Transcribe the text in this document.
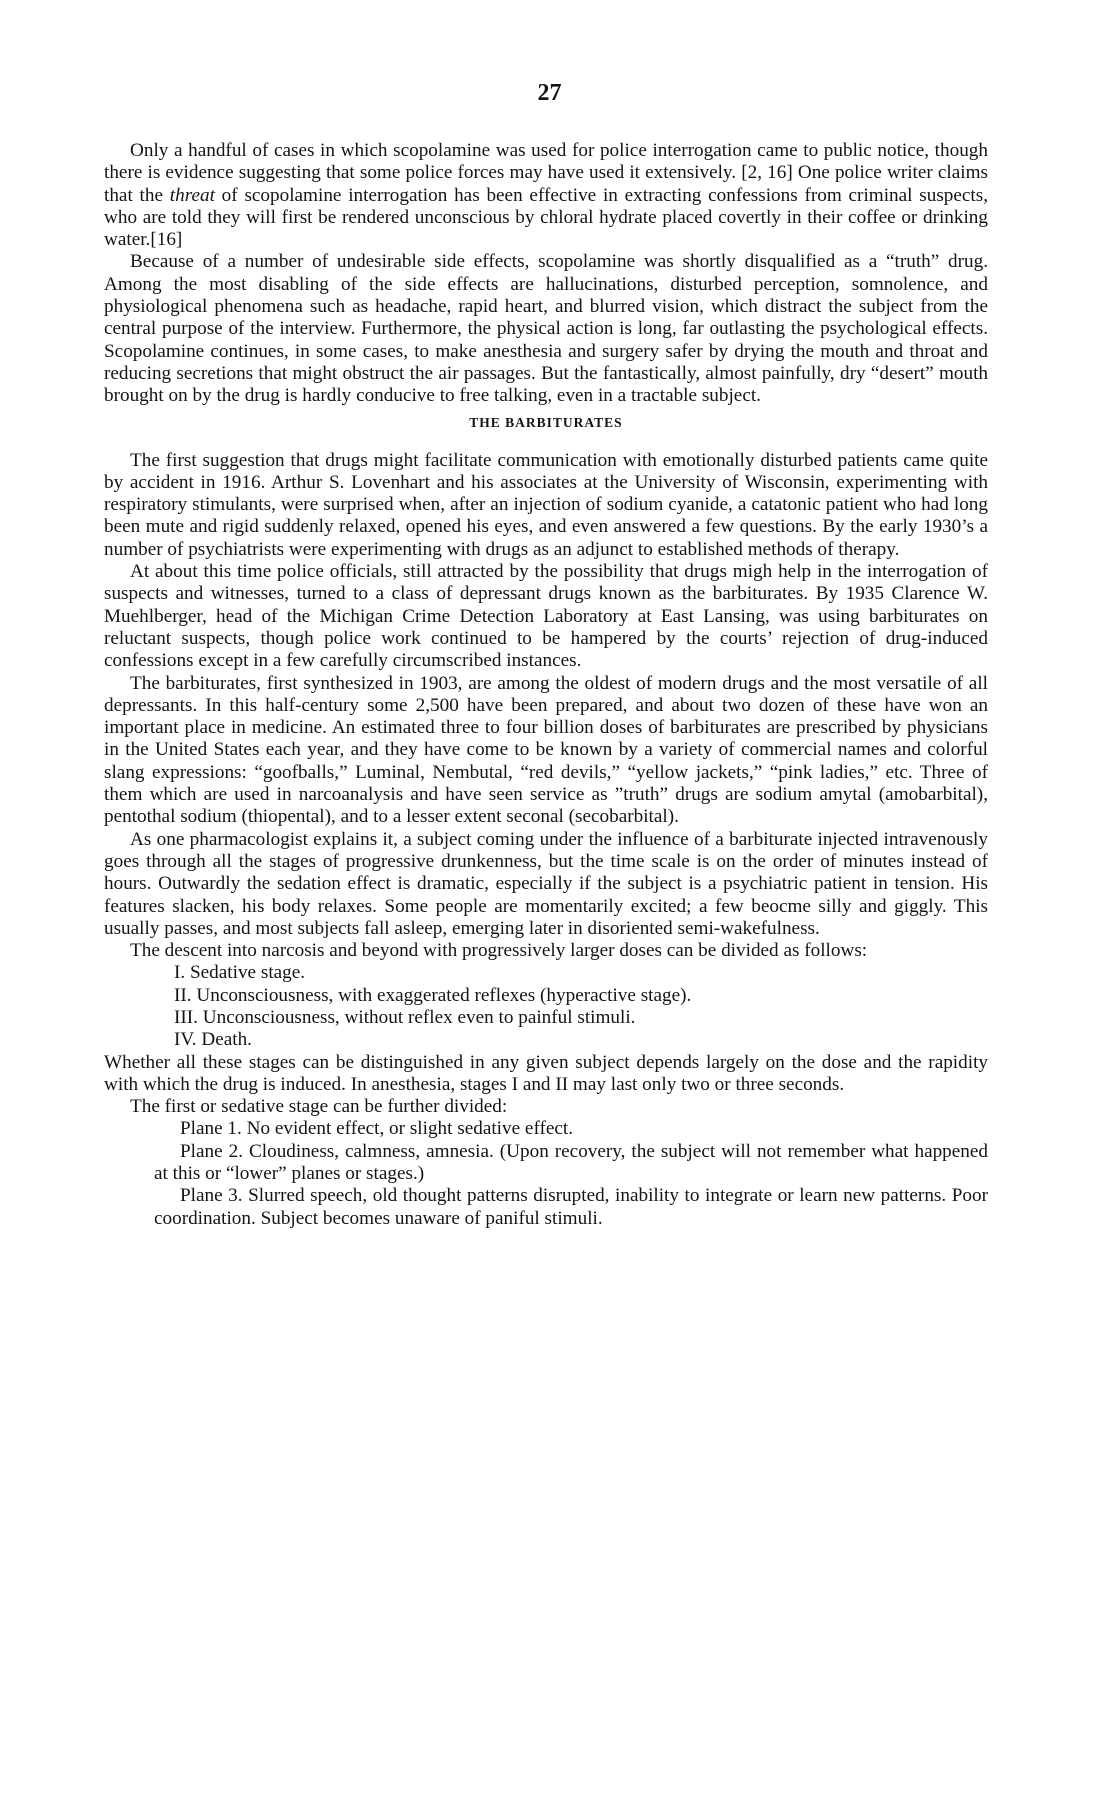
27

Only a handful of cases in which scopolamine was used for police interrogation came to public notice, though there is evidence suggesting that some police forces may have used it extensively. [2, 16] One police writer claims that the threat of scopolamine interrogation has been effective in extracting confessions from criminal suspects, who are told they will first be rendered unconscious by chloral hydrate placed covertly in their coffee or drinking water.[16]

Because of a number of undesirable side effects, scopolamine was shortly disqualified as a “truth” drug. Among the most disabling of the side effects are hallucinations, disturbed perception, somnolence, and physiological phenomena such as headache, rapid heart, and blurred vision, which distract the subject from the central purpose of the interview. Furthermore, the physical action is long, far outlasting the psychological effects. Scopolamine continues, in some cases, to make anesthesia and surgery safer by drying the mouth and throat and reducing secretions that might obstruct the air passages. But the fantastically, almost painfully, dry “desert” mouth brought on by the drug is hardly conducive to free talking, even in a tractable subject.

THE BARBITURATES

The first suggestion that drugs might facilitate communication with emotionally disturbed patients came quite by accident in 1916. Arthur S. Lovenhart and his associates at the University of Wisconsin, experimenting with respiratory stimulants, were surprised when, after an injection of sodium cyanide, a catatonic patient who had long been mute and rigid suddenly relaxed, opened his eyes, and even answered a few questions. By the early 1930’s a number of psychiatrists were experimenting with drugs as an adjunct to established methods of therapy.

At about this time police officials, still attracted by the possibility that drugs migh help in the interrogation of suspects and witnesses, turned to a class of depressant drugs known as the barbiturates. By 1935 Clarence W. Muehlberger, head of the Michigan Crime Detection Laboratory at East Lansing, was using barbiturates on reluctant suspects, though police work continued to be hampered by the courts’ rejection of drug-induced confessions except in a few carefully circumscribed instances.

The barbiturates, first synthesized in 1903, are among the oldest of modern drugs and the most versatile of all depressants. In this half-century some 2,500 have been prepared, and about two dozen of these have won an important place in medicine. An estimated three to four billion doses of barbiturates are prescribed by physicians in the United States each year, and they have come to be known by a variety of commercial names and colorful slang expressions: “goofballs,” Luminal, Nembutal, “red devils,” “yellow jackets,” “pink ladies,” etc. Three of them which are used in narcoanalysis and have seen service as ”truth” drugs are sodium amytal (amobarbital), pentothal sodium (thiopental), and to a lesser extent seconal (secobarbital).

As one pharmacologist explains it, a subject coming under the influence of a barbiturate injected intravenously goes through all the stages of progressive drunkenness, but the time scale is on the order of minutes instead of hours. Outwardly the sedation effect is dramatic, especially if the subject is a psychiatric patient in tension. His features slacken, his body relaxes. Some people are momentarily excited; a few beocme silly and giggly. This usually passes, and most subjects fall asleep, emerging later in disoriented semi-wakefulness.

The descent into narcosis and beyond with progressively larger doses can be divided as follows:

I. Sedative stage.
II. Unconsciousness, with exaggerated reflexes (hyperactive stage).
III. Unconsciousness, without reflex even to painful stimuli.
IV. Death.

Whether all these stages can be distinguished in any given subject depends largely on the dose and the rapidity with which the drug is induced. In anesthesia, stages I and II may last only two or three seconds.

The first or sedative stage can be further divided:

Plane 1. No evident effect, or slight sedative effect.

Plane 2. Cloudiness, calmness, amnesia. (Upon recovery, the subject will not remember what happened at this or “lower” planes or stages.)

Plane 3. Slurred speech, old thought patterns disrupted, inability to integrate or learn new patterns. Poor coordination. Subject becomes unaware of paniful stimuli.
